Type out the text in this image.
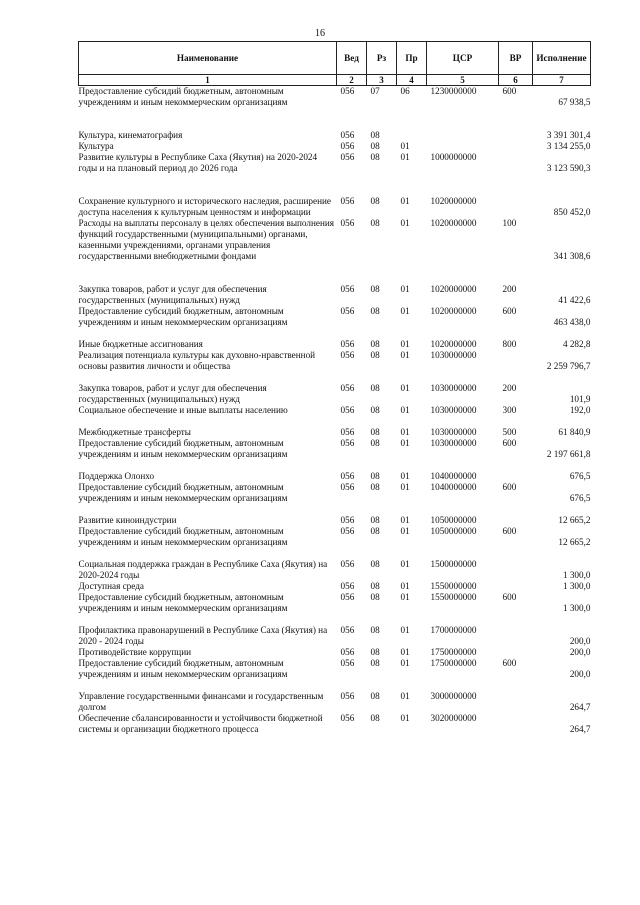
16
Наименование	Вед	Рз	Пр	ЦСР	ВР	Исполнение
1	2	3	4	5	6	7
Предоставление субсидий бюджетным, автономным учреждениям и иным некоммерческим организациям	056	07	06	1230000000	600	67 938,5

Культура, кинематография	056	08				3 391 301,4
Культура	056	08	01			3 134 255,0
Развитие культуры в Республике Саха (Якутия) на 2020-2024 годы и на плановый период до 2026 года	056	08	01	1000000000		3 123 590,3

Сохранение культурного и исторического наследия, расширение доступа населения к культурным ценностям и информации	056	08	01	1020000000		850 452,0
Расходы на выплаты персоналу в целях обеспечения выполнения функций государственными (муниципальными) органами, казенными учреждениями, органами управления государственными внебюджетными фондами	056	08	01	1020000000	100	341 308,6

Закупка товаров, работ и услуг для обеспечения государственных (муниципальных) нужд	056	08	01	1020000000	200	41 422,6
Предоставление субсидий бюджетным, автономным учреждениям и иным некоммерческим организациям	056	08	01	1020000000	600	463 438,0

Иные бюджетные ассигнования	056	08	01	1020000000	800	4 282,8
Реализация потенциала культуры как духовно-нравственной основы развития личности и общества	056	08	01	1030000000		2 259 796,7

Закупка товаров, работ и услуг для обеспечения государственных (муниципальных) нужд	056	08	01	1030000000	200	101,9
Социальное обеспечение и иные выплаты населению	056	08	01	1030000000	300	192,0

Межбюджетные трансферты	056	08	01	1030000000	500	61 840,9
Предоставление субсидий бюджетным, автономным учреждениям и иным некоммерческим организациям	056	08	01	1030000000	600	2 197 661,8

Поддержка Олонхо	056	08	01	1040000000		676,5
Предоставление субсидий бюджетным, автономным учреждениям и иным некоммерческим организациям	056	08	01	1040000000	600	676,5

Развитие киноиндустрии	056	08	01	1050000000		12 665,2
Предоставление субсидий бюджетным, автономным учреждениям и иным некоммерческим организациям	056	08	01	1050000000	600	12 665,2

Социальная поддержка граждан в Республике Саха (Якутия) на 2020-2024 годы	056	08	01	1500000000		1 300,0
Доступная среда	056	08	01	1550000000		1 300,0
Предоставление субсидий бюджетным, автономным учреждениям и иным некоммерческим организациям	056	08	01	1550000000	600	1 300,0

Профилактика правонарушений в Республике Саха (Якутия) на 2020 - 2024 годы	056	08	01	1700000000		200,0
Противодействие коррупции	056	08	01	1750000000		200,0
Предоставление субсидий бюджетным, автономным учреждениям и иным некоммерческим организациям	056	08	01	1750000000	600	200,0

Управление государственными финансами и государственным долгом	056	08	01	3000000000		264,7
Обеспечение сбалансированности и устойчивости бюджетной системы и организации бюджетного процесса	056	08	01	3020000000		264,7
